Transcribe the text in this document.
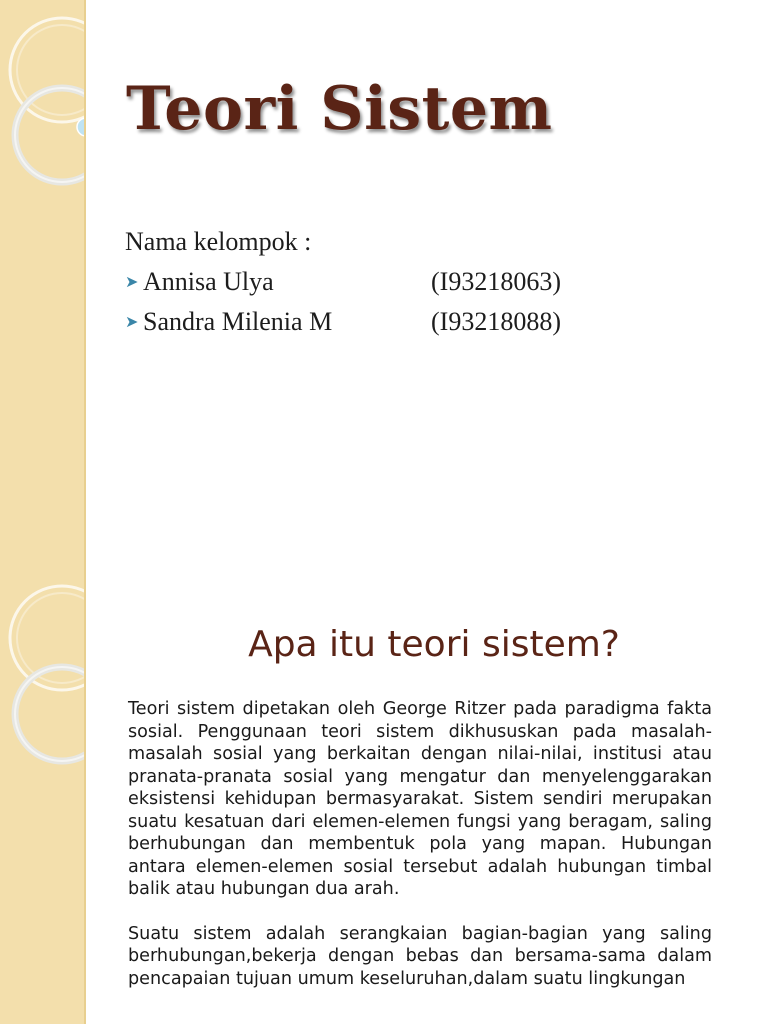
Teori Sistem
Nama kelompok :
➤ Annisa Ulya	(I93218063)
➤ Sandra Milenia M	(I93218088)
Apa itu teori sistem?

Teori sistem dipetakan oleh George Ritzer pada paradigma fakta sosial. Penggunaan teori sistem dikhususkan pada masalah-masalah sosial yang berkaitan dengan nilai-nilai, institusi atau pranata-pranata sosial yang mengatur dan menyelenggarakan eksistensi kehidupan bermasyarakat. Sistem sendiri merupakan suatu kesatuan dari elemen-elemen fungsi yang beragam, saling berhubungan dan membentuk pola yang mapan. Hubungan antara elemen-elemen sosial tersebut adalah hubungan timbal balik atau hubungan dua arah.

Suatu sistem adalah serangkaian bagian-bagian yang saling berhubungan,bekerja dengan bebas dan bersama-sama dalam pencapaian tujuan umum keseluruhan,dalam suatu lingkungan
